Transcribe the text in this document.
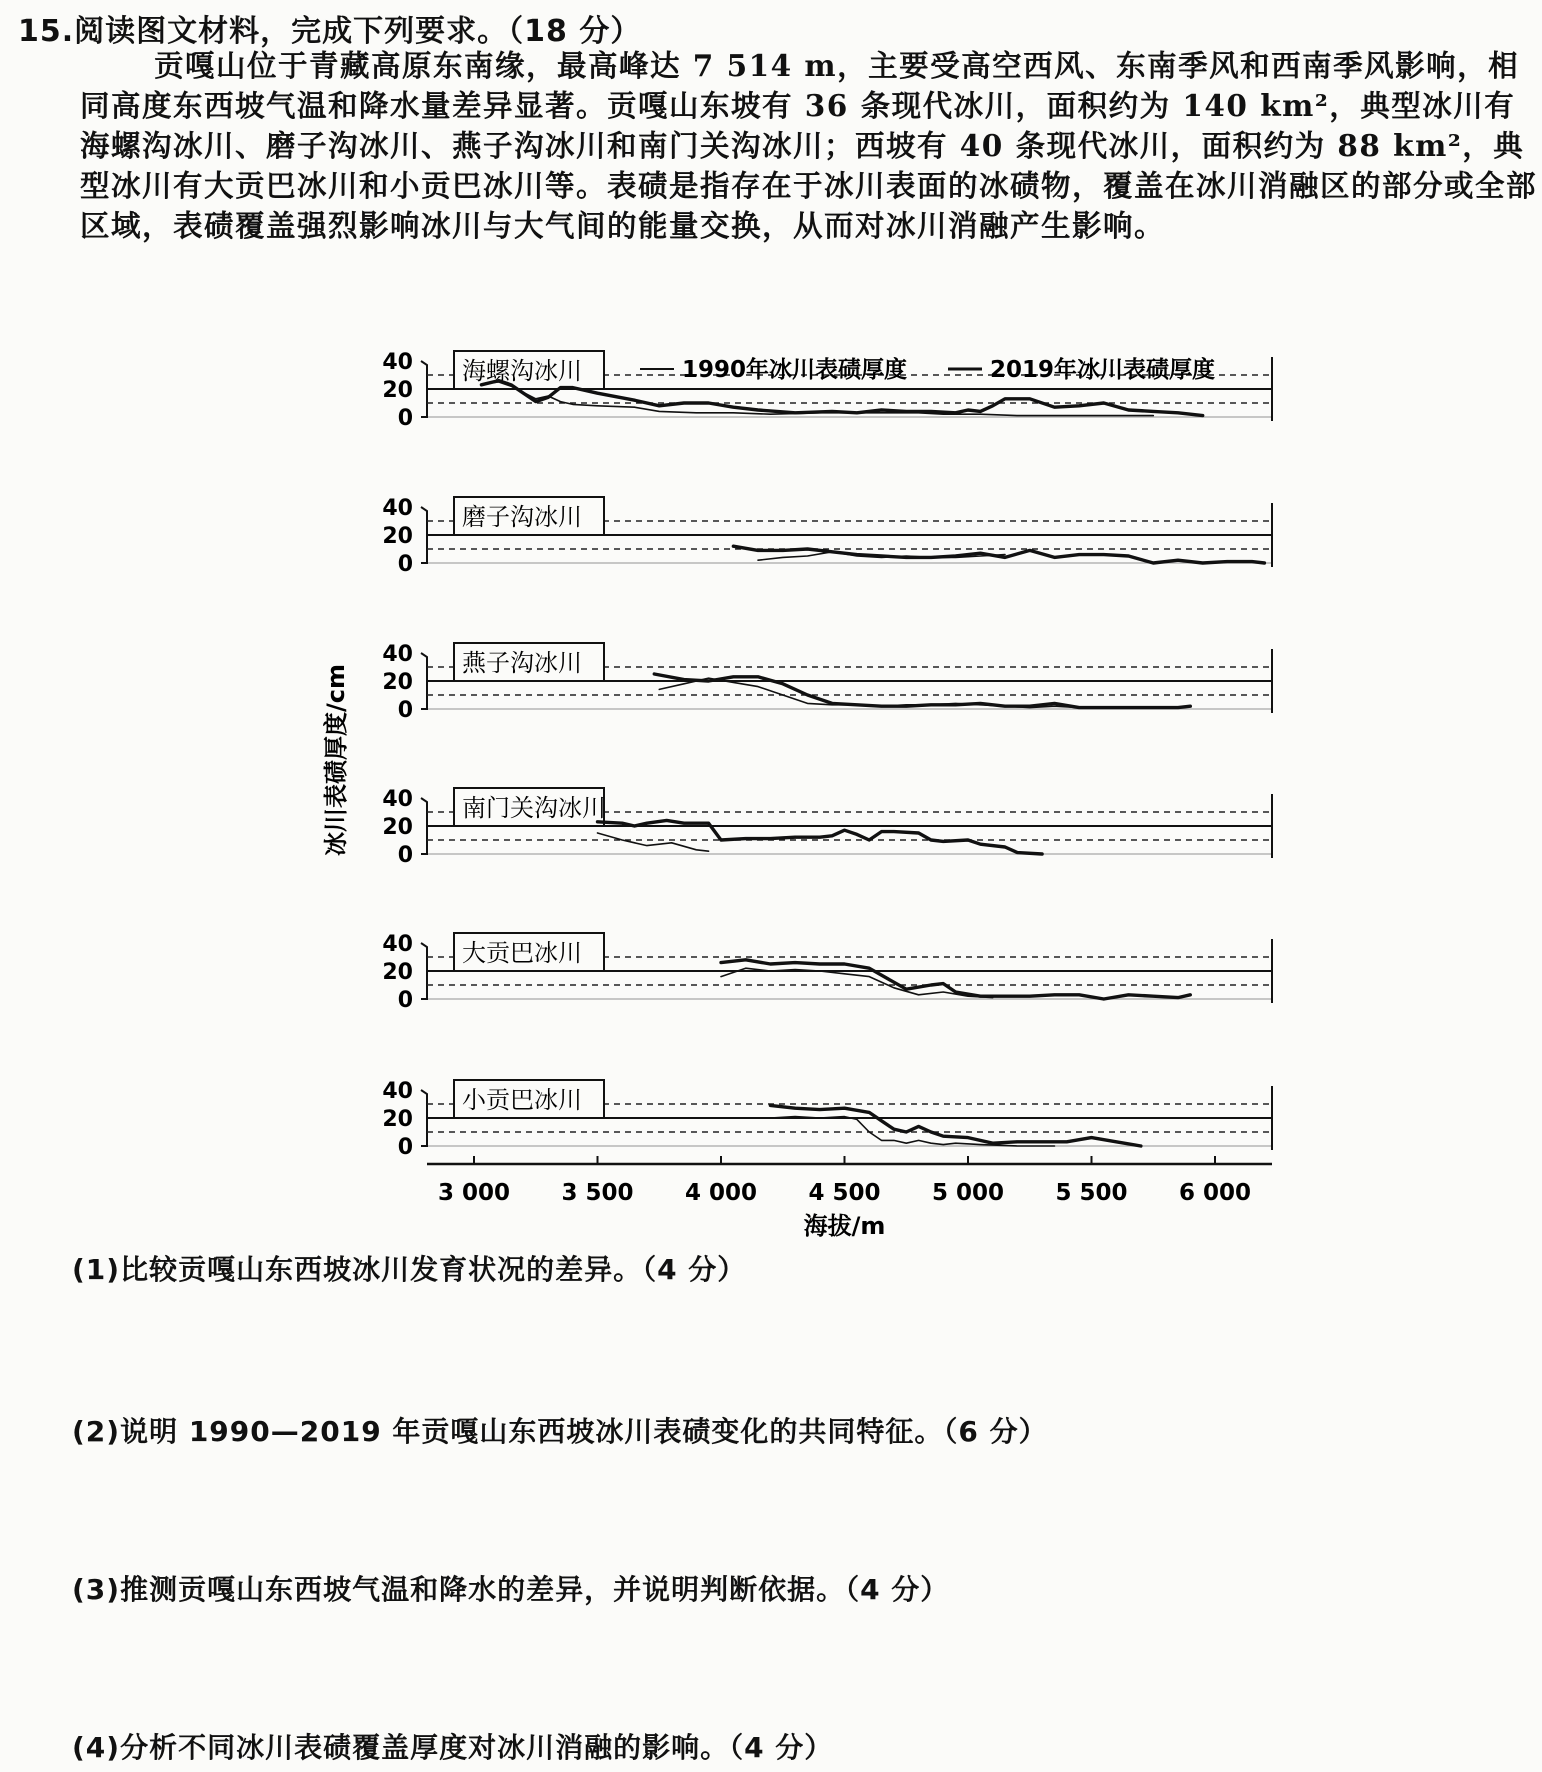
15.阅读图文材料，完成下列要求。（18 分）

贡嘎山位于青藏高原东南缘，最高峰达 7 514 m，主要受高空西风、东南季风和西南季风影响，相同高度东西坡气温和降水量差异显著。贡嘎山东坡有 36 条现代冰川，面积约为 140 km²，典型冰川有海螺沟冰川、磨子沟冰川、燕子沟冰川和南门关沟冰川；西坡有 40 条现代冰川，面积约为 88 km²，典型冰川有大贡巴冰川和小贡巴冰川等。表碛是指存在于冰川表面的冰碛物，覆盖在冰川消融区的部分或全部区域，表碛覆盖强烈影响冰川与大气间的能量交换，从而对冰川消融产生影响。

0
20
40 海螺沟冰川
0
20
40 磨子沟冰川
0
20
40 燕子沟冰川
0
20
40 南门关沟冰川
0
20
40 大贡巴冰川
0
20
40 小贡巴冰川
1990年冰川表碛厚度	2019年冰川表碛厚度
3 000 3 500 4 000 4 500 5 000 5 500 6 000
海拔/m
冰川表碛厚度/cm
(1)比较贡嘎山东西坡冰川发育状况的差异。（4 分）
(2)说明 1990—2019 年贡嘎山东西坡冰川表碛变化的共同特征。（6 分）
(3)推测贡嘎山东西坡气温和降水的差异，并说明判断依据。（4 分）
(4)分析不同冰川表碛覆盖厚度对冰川消融的影响。（4 分）
